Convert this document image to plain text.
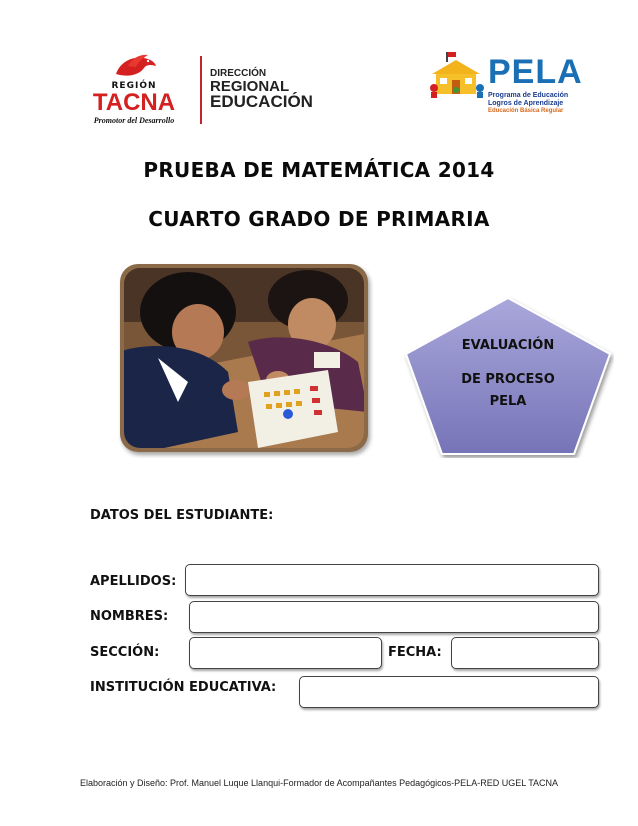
REGIÓN
TACNA
Promotor del Desarrollo
DIRECCIÓN
REGIONAL
EDUCACIÓN
PELA
Programa de Educación
Logros de Aprendizaje
Educación Básica Regular
PRUEBA DE MATEMÁTICA 2014
CUARTO GRADO DE PRIMARIA
EVALUACIÓN
DE PROCESO
PELA
DATOS DEL ESTUDIANTE:
APELLIDOS:
NOMBRES:
SECCIÓN:	FECHA:
INSTITUCIÓN EDUCATIVA:
Elaboración y Diseño: Prof. Manuel Luque Llanqui-Formador de Acompañantes Pedagógicos-PELA-RED UGEL TACNA
